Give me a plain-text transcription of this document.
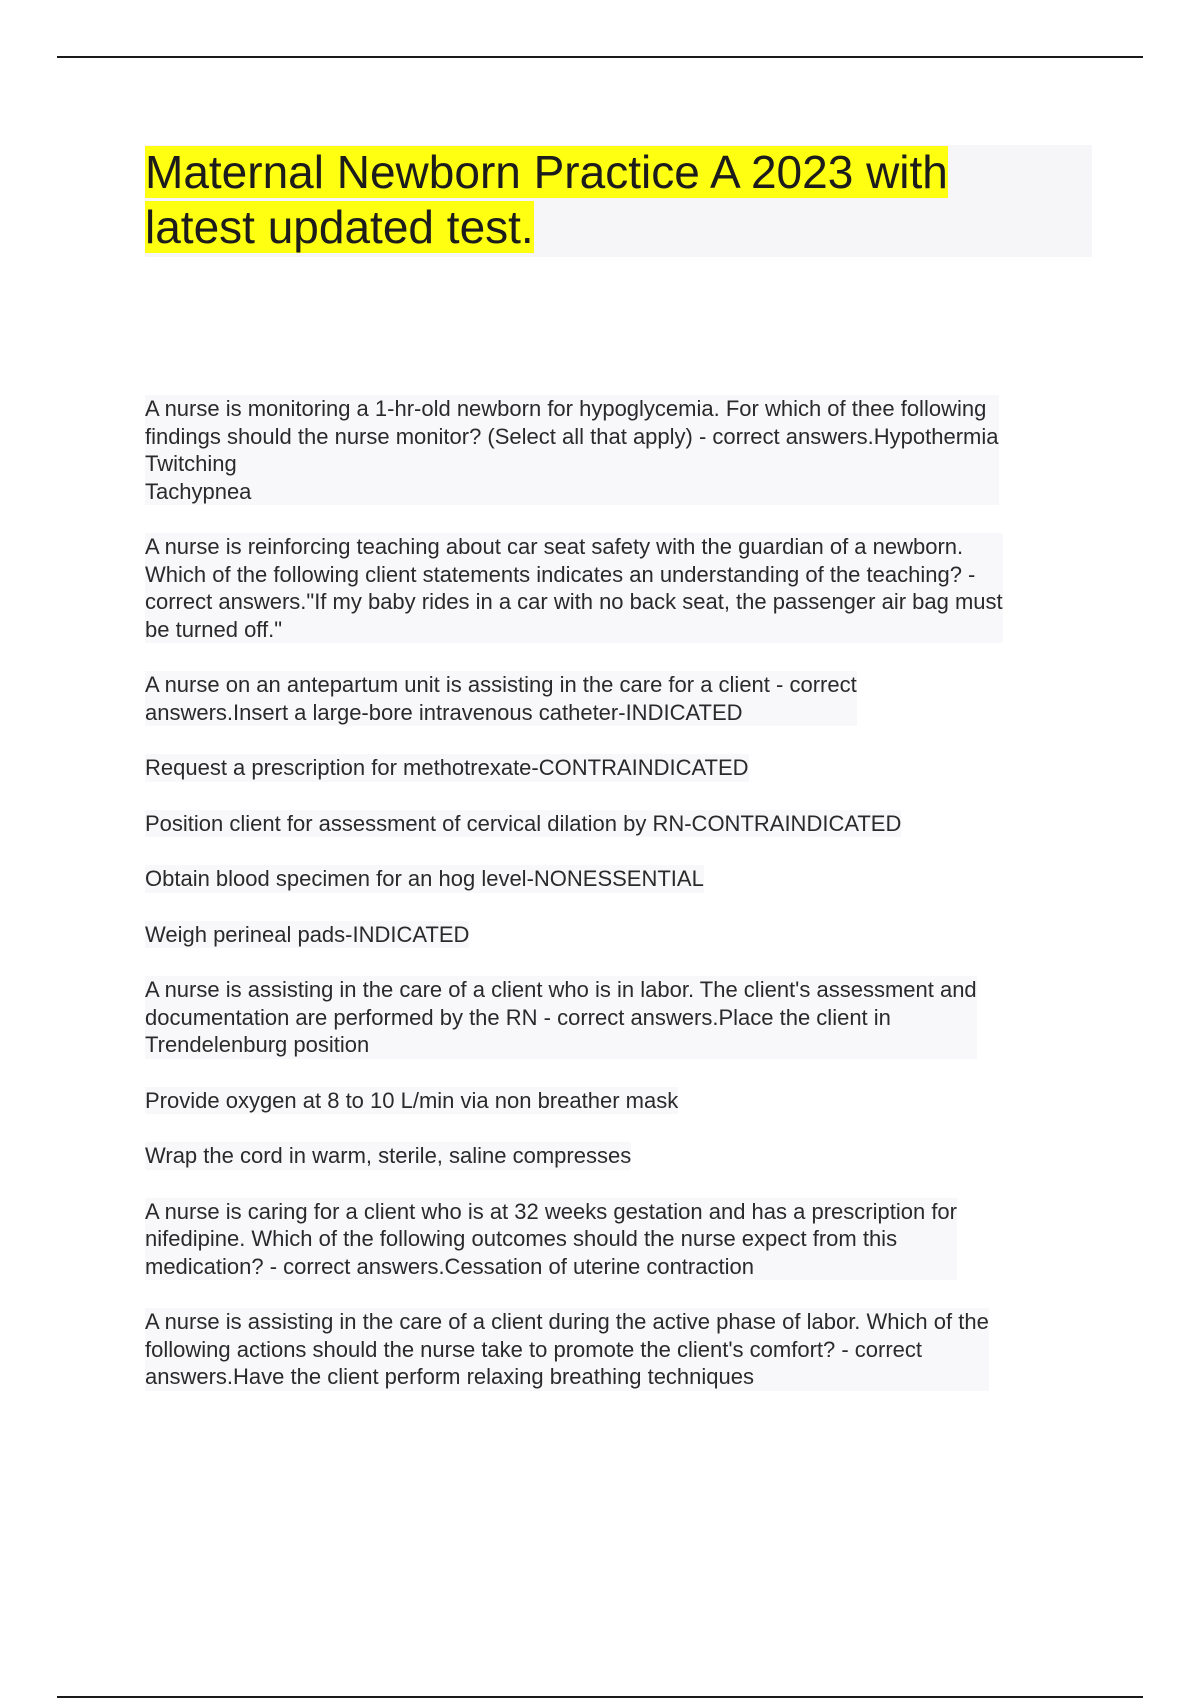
Maternal Newborn Practice A 2023 with latest updated test.

A nurse is monitoring a 1-hr-old newborn for hypoglycemia. For which of thee following
findings should the nurse monitor? (Select all that apply) - correct answers.Hypothermia
Twitching
Tachypnea

A nurse is reinforcing teaching about car seat safety with the guardian of a newborn.
Which of the following client statements indicates an understanding of the teaching? -
correct answers."If my baby rides in a car with no back seat, the passenger air bag must
be turned off."

A nurse on an antepartum unit is assisting in the care for a client - correct
answers.Insert a large-bore intravenous catheter-INDICATED

Request a prescription for methotrexate-CONTRAINDICATED

Position client for assessment of cervical dilation by RN-CONTRAINDICATED

Obtain blood specimen for an hog level-NONESSENTIAL

Weigh perineal pads-INDICATED

A nurse is assisting in the care of a client who is in labor. The client's assessment and
documentation are performed by the RN - correct answers.Place the client in
Trendelenburg position

Provide oxygen at 8 to 10 L/min via non breather mask

Wrap the cord in warm, sterile, saline compresses

A nurse is caring for a client who is at 32 weeks gestation and has a prescription for
nifedipine. Which of the following outcomes should the nurse expect from this
medication? - correct answers.Cessation of uterine contraction

A nurse is assisting in the care of a client during the active phase of labor. Which of the
following actions should the nurse take to promote the client's comfort? - correct
answers.Have the client perform relaxing breathing techniques
